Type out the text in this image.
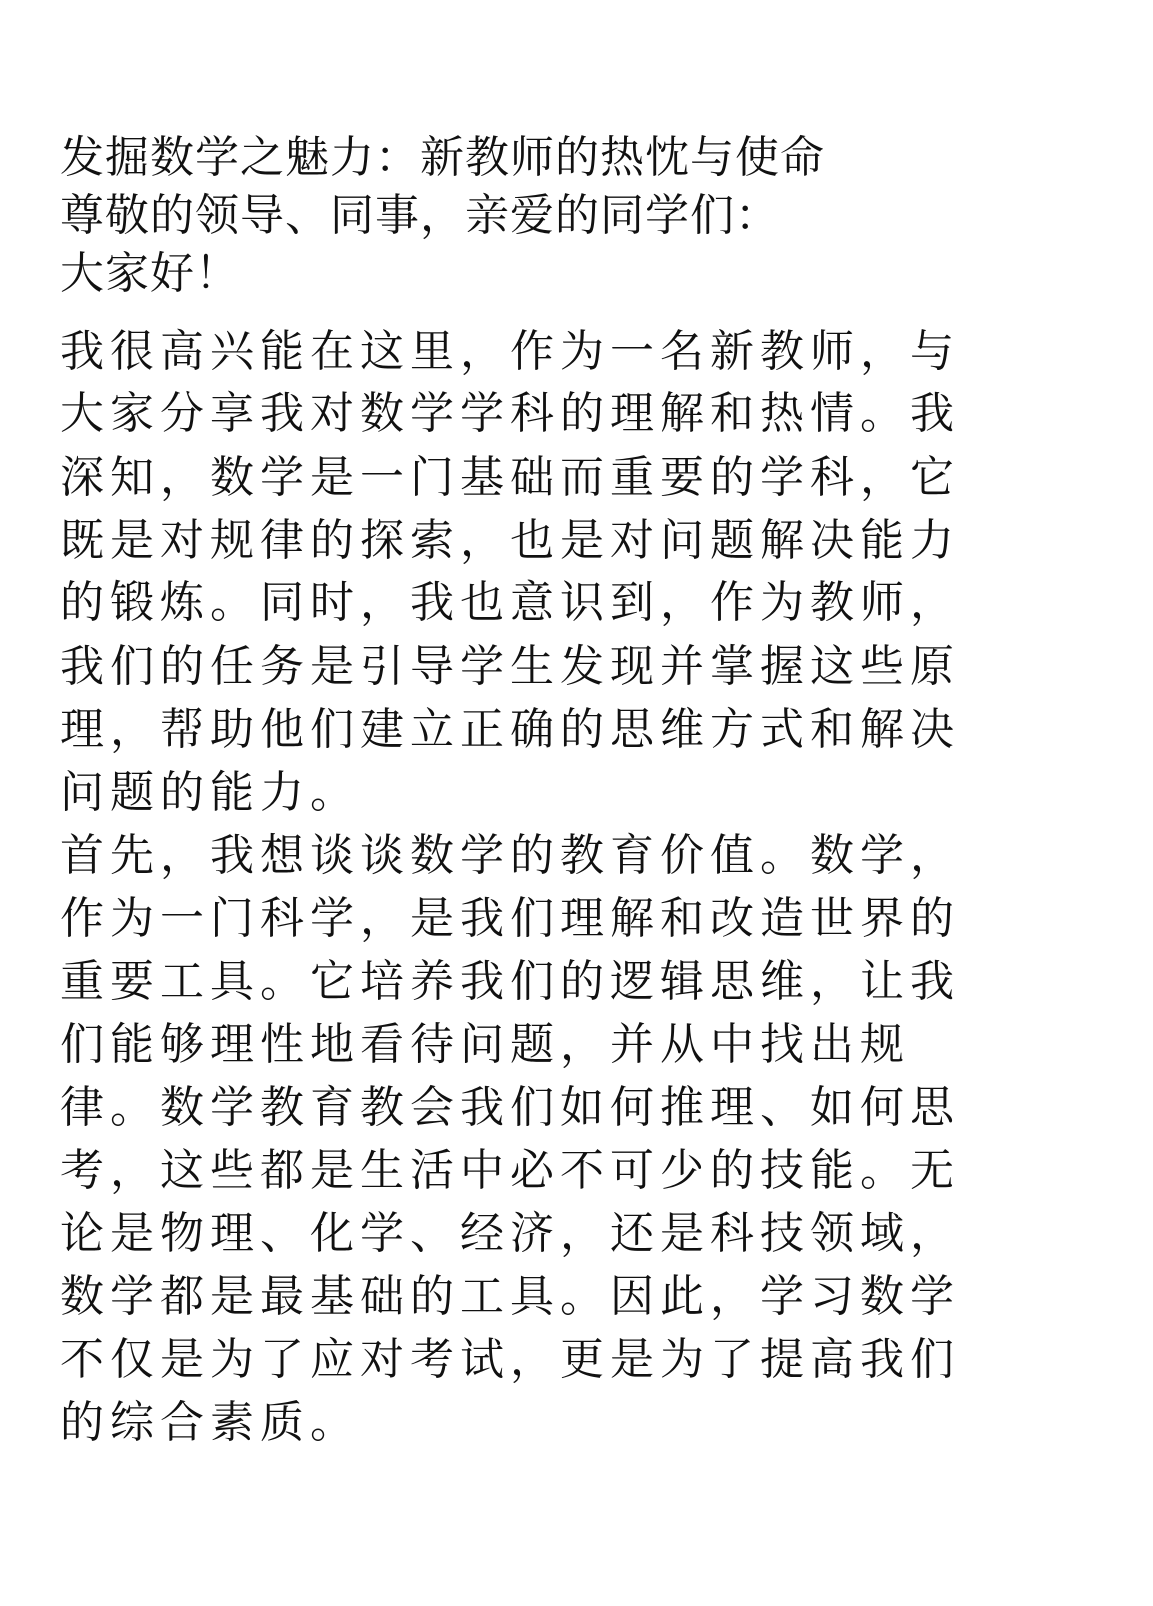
发掘数学之魅力：新教师的热忱与使命
尊敬的领导、同事，亲爱的同学们：
大家好！
我很高兴能在这里，作为一名新教师，与
大家分享我对数学学科的理解和热情。我
深知，数学是一门基础而重要的学科，它
既是对规律的探索，也是对问题解决能力
的锻炼。同时，我也意识到，作为教师，
我们的任务是引导学生发现并掌握这些原
理，帮助他们建立正确的思维方式和解决
问题的能力。
首先，我想谈谈数学的教育价值。数学，
作为一门科学，是我们理解和改造世界的
重要工具。它培养我们的逻辑思维，让我
们能够理性地看待问题，并从中找出规
律。数学教育教会我们如何推理、如何思
考，这些都是生活中必不可少的技能。无
论是物理、化学、经济，还是科技领域，
数学都是最基础的工具。因此，学习数学
不仅是为了应对考试，更是为了提高我们
的综合素质。
